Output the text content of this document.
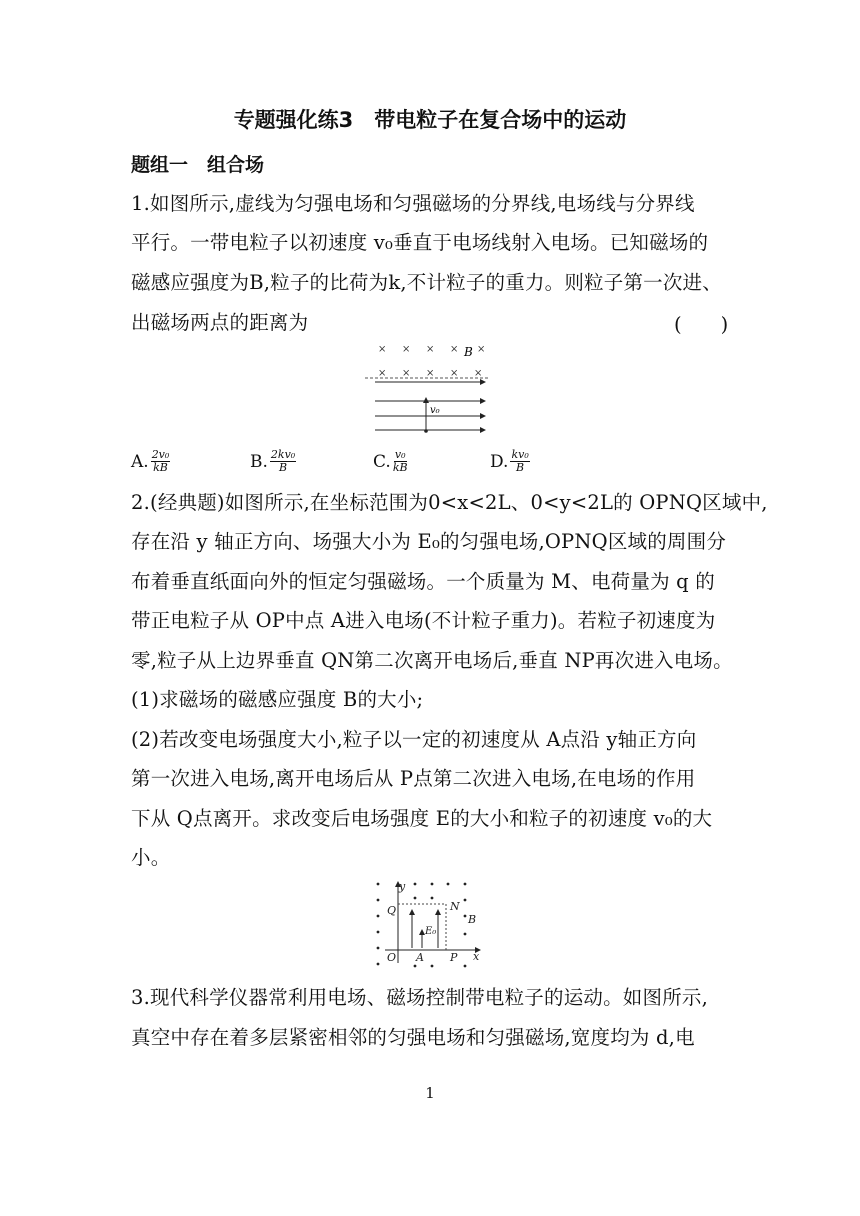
专题强化练3　带电粒子在复合场中的运动
题组一　组合场
1.如图所示,虚线为匀强电场和匀强磁场的分界线,电场线与分界线
平行。一带电粒子以初速度 v₀垂直于电场线射入电场。已知磁场的
磁感应强度为B,粒子的比荷为k,不计粒子的重力。则粒子第一次进、
出磁场两点的距离为	(　　)
× × × × ×
× × × × ×
B
v₀
A. $\frac{\text{2v₀}}{kB}$	B. $\frac{\text{2kv₀}}{B}$	C. $\frac{\text{v₀}}{kB}$	D. $\frac{\text{kv₀}}{B}$
2.(经典题)如图所示,在坐标范围为0<x<2L、0<y<2L的 OPNQ区域中,
存在沿 y 轴正方向、场强大小为 E₀的匀强电场,OPNQ区域的周围分
布着垂直纸面向外的恒定匀强磁场。一个质量为 M、电荷量为 q 的
带正电粒子从 OP中点 A进入电场(不计粒子重力)。若粒子初速度为
零,粒子从上边界垂直 QN第二次离开电场后,垂直 NP再次进入电场。
(1)求磁场的磁感应强度 B的大小;
(2)若改变电场强度大小,粒子以一定的初速度从 A点沿 y轴正方向
第一次进入电场,离开电场后从 P点第二次进入电场,在电场的作用
下从 Q点离开。求改变后电场强度 E的大小和粒子的初速度 v₀的大
小。
y
x
O A P
Q	N
B
E₀
3.现代科学仪器常利用电场、磁场控制带电粒子的运动。如图所示,
真空中存在着多层紧密相邻的匀强电场和匀强磁场,宽度均为 d,电
1
